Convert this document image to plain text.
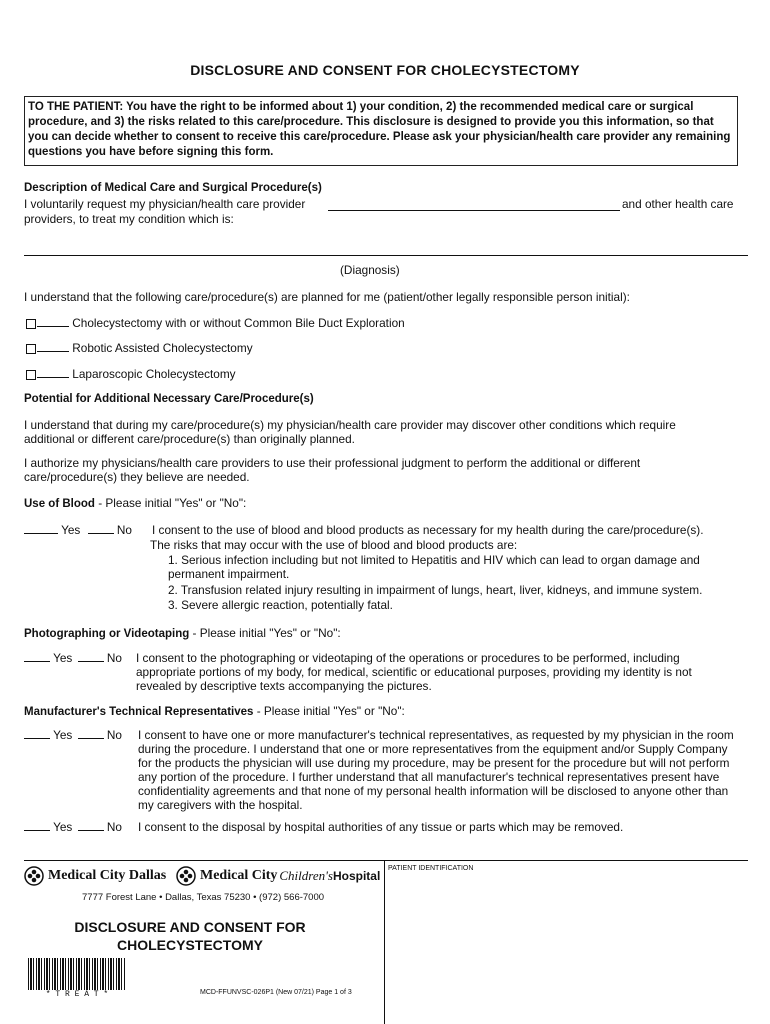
DISCLOSURE AND CONSENT FOR CHOLECYSTECTOMY
TO THE PATIENT: You have the right to be informed about 1) your condition, 2) the recommended medical care or surgical procedure, and 3) the risks related to this care/procedure. This disclosure is designed to provide you this information, so that you can decide whether to consent to receive this care/procedure. Please ask your physician/health care provider any remaining questions you have before signing this form.
Description of Medical Care and Surgical Procedure(s)
I voluntarily request my physician/health care provider	and other health care
providers, to treat my condition which is:
(Diagnosis)
I understand that the following care/procedure(s) are planned for me (patient/other legally responsible person initial):
Cholecystectomy with or without Common Bile Duct Exploration
Robotic Assisted Cholecystectomy
Laparoscopic Cholecystectomy
Potential for Additional Necessary Care/Procedure(s)
I understand that during my care/procedure(s) my physician/health care provider may discover other conditions which require additional or different care/procedure(s) than originally planned.
I authorize my physicians/health care providers to use their professional judgment to perform the additional or different care/procedure(s) they believe are needed.
Use of Blood - Please initial "Yes" or "No":
Yes	No I consent to the use of blood and blood products as necessary for my health during the care/procedure(s).
The risks that may occur with the use of blood and blood products are:
1. Serious infection including but not limited to Hepatitis and HIV which can lead to organ damage and permanent impairment.
2. Transfusion related injury resulting in impairment of lungs, heart, liver, kidneys, and immune system.
3. Severe allergic reaction, potentially fatal.
Photographing or Videotaping - Please initial "Yes" or "No":
Yes	No I consent to the photographing or videotaping of the operations or procedures to be performed, including appropriate portions of my body, for medical, scientific or educational purposes, providing my identity is not revealed by descriptive texts accompanying the pictures.
Manufacturer's Technical Representatives - Please initial "Yes" or "No":
Yes	No I consent to have one or more manufacturer's technical representatives, as requested by my physician in the room during the procedure. I understand that one or more representatives from the equipment and/or Supply Company for the products the physician will use during my procedure, may be present for the procedure but will not perform any portion of the procedure. I further understand that all manufacturer's technical representatives present have confidentiality agreements and that none of my personal health information will be disclosed to anyone other than my caregivers with the hospital.
Yes	No I consent to the disposal by hospital authorities of any tissue or parts which may be removed.
Medical City Dallas Medical City Children's Hospital
7777 Forest Lane • Dallas, Texas 75230 • (972) 566-7000
DISCLOSURE AND CONSENT FOR CHOLECYSTECTOMY
* T R E A T *	MCD-FFUNVSC-026P1 (New 07/21) Page 1 of 3
PATIENT IDENTIFICATION
